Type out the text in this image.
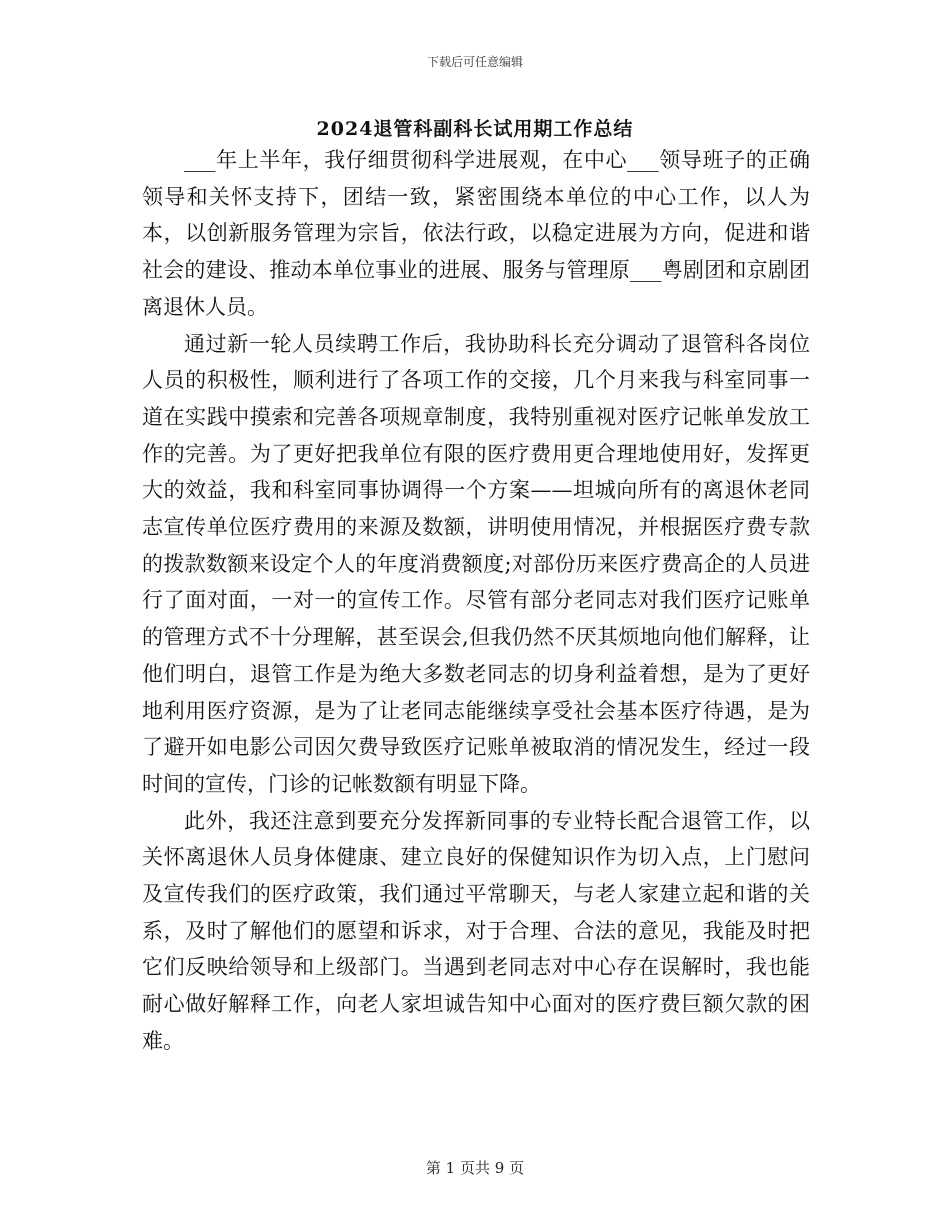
下载后可任意编辑
2024退管科副科长试用期工作总结

___年上半年，我仔细贯彻科学进展观，在中心___领导班子的正确领导和关怀支持下，团结一致，紧密围绕本单位的中心工作，以人为本，以创新服务管理为宗旨，依法行政，以稳定进展为方向，促进和谐社会的建设、推动本单位事业的进展、服务与管理原___粤剧团和京剧团离退休人员。

通过新一轮人员续聘工作后，我协助科长充分调动了退管科各岗位人员的积极性，顺利进行了各项工作的交接，几个月来我与科室同事一道在实践中摸索和完善各项规章制度，我特别重视对医疗记帐单发放工作的完善。为了更好把我单位有限的医疗费用更合理地使用好，发挥更大的效益，我和科室同事协调得一个方案——坦城向所有的离退休老同志宣传单位医疗费用的来源及数额，讲明使用情况，并根据医疗费专款的拨款数额来设定个人的年度消费额度;对部份历来医疗费高企的人员进行了面对面，一对一的宣传工作。尽管有部分老同志对我们医疗记账单的管理方式不十分理解，甚至误会,但我仍然不厌其烦地向他们解释，让他们明白，退管工作是为绝大多数老同志的切身利益着想，是为了更好地利用医疗资源，是为了让老同志能继续享受社会基本医疗待遇，是为了避开如电影公司因欠费导致医疗记账单被取消的情况发生，经过一段时间的宣传，门诊的记帐数额有明显下降。

此外，我还注意到要充分发挥新同事的专业特长配合退管工作，以关怀离退休人员身体健康、建立良好的保健知识作为切入点，上门慰问及宣传我们的医疗政策，我们通过平常聊天，与老人家建立起和谐的关系，及时了解他们的愿望和诉求，对于合理、合法的意见，我能及时把它们反映给领导和上级部门。当遇到老同志对中心存在误解时，我也能耐心做好解释工作，向老人家坦诚告知中心面对的医疗费巨额欠款的困难。

第 1 页共 9 页
